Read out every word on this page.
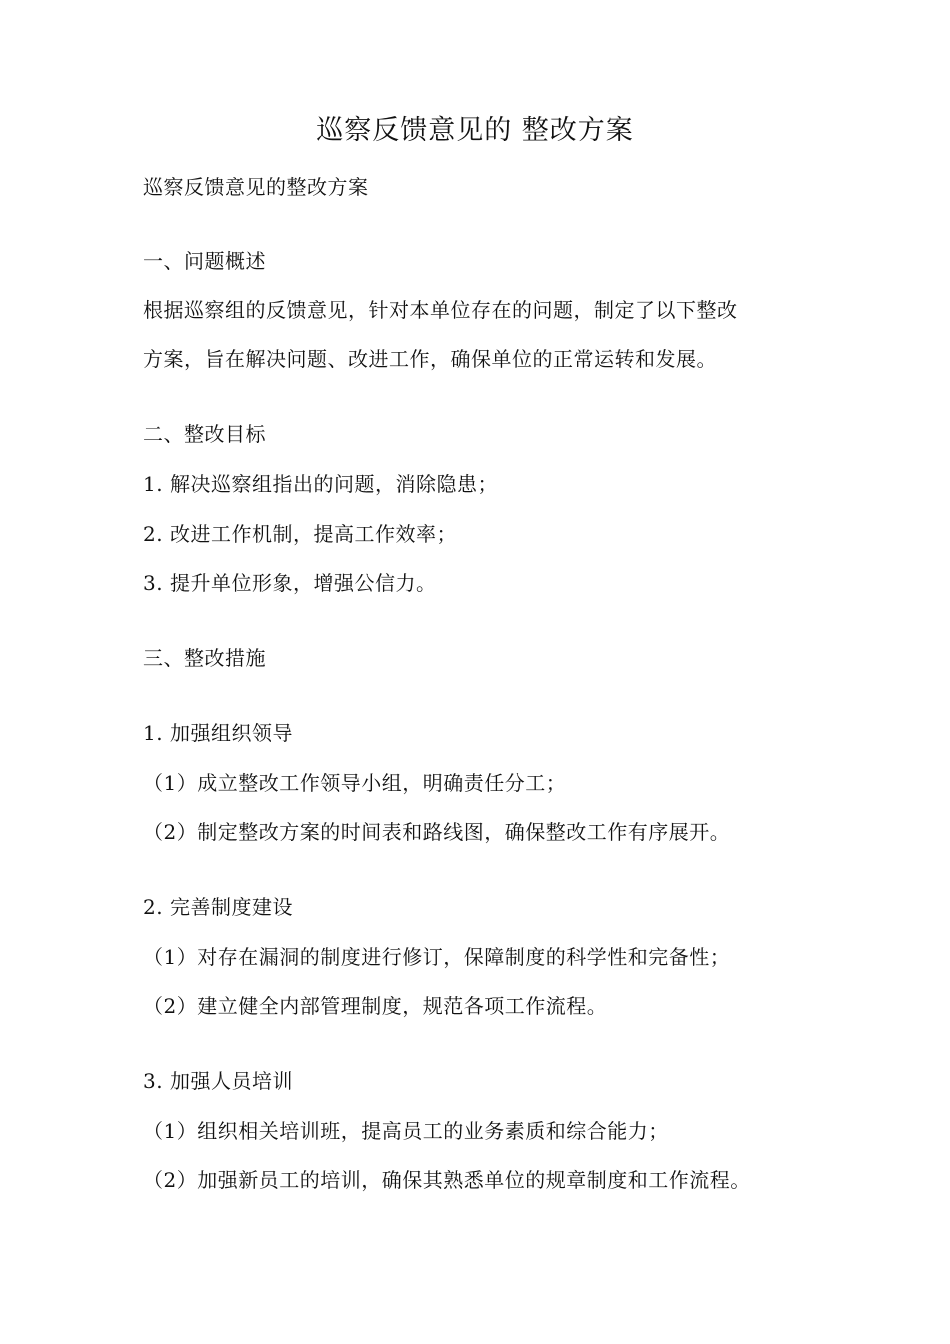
巡察反馈意见的 整改方案
巡察反馈意见的整改方案
一、问题概述
根据巡察组的反馈意见，针对本单位存在的问题，制定了以下整改
方案，旨在解决问题、改进工作，确保单位的正常运转和发展。
二、整改目标
1. 解决巡察组指出的问题，消除隐患；
2. 改进工作机制，提高工作效率；
3. 提升单位形象，增强公信力。
三、整改措施
1. 加强组织领导
（1）成立整改工作领导小组，明确责任分工；
（2）制定整改方案的时间表和路线图，确保整改工作有序展开。
2. 完善制度建设
（1）对存在漏洞的制度进行修订，保障制度的科学性和完备性；
（2）建立健全内部管理制度，规范各项工作流程。
3. 加强人员培训
（1）组织相关培训班，提高员工的业务素质和综合能力；
（2）加强新员工的培训，确保其熟悉单位的规章制度和工作流程。
